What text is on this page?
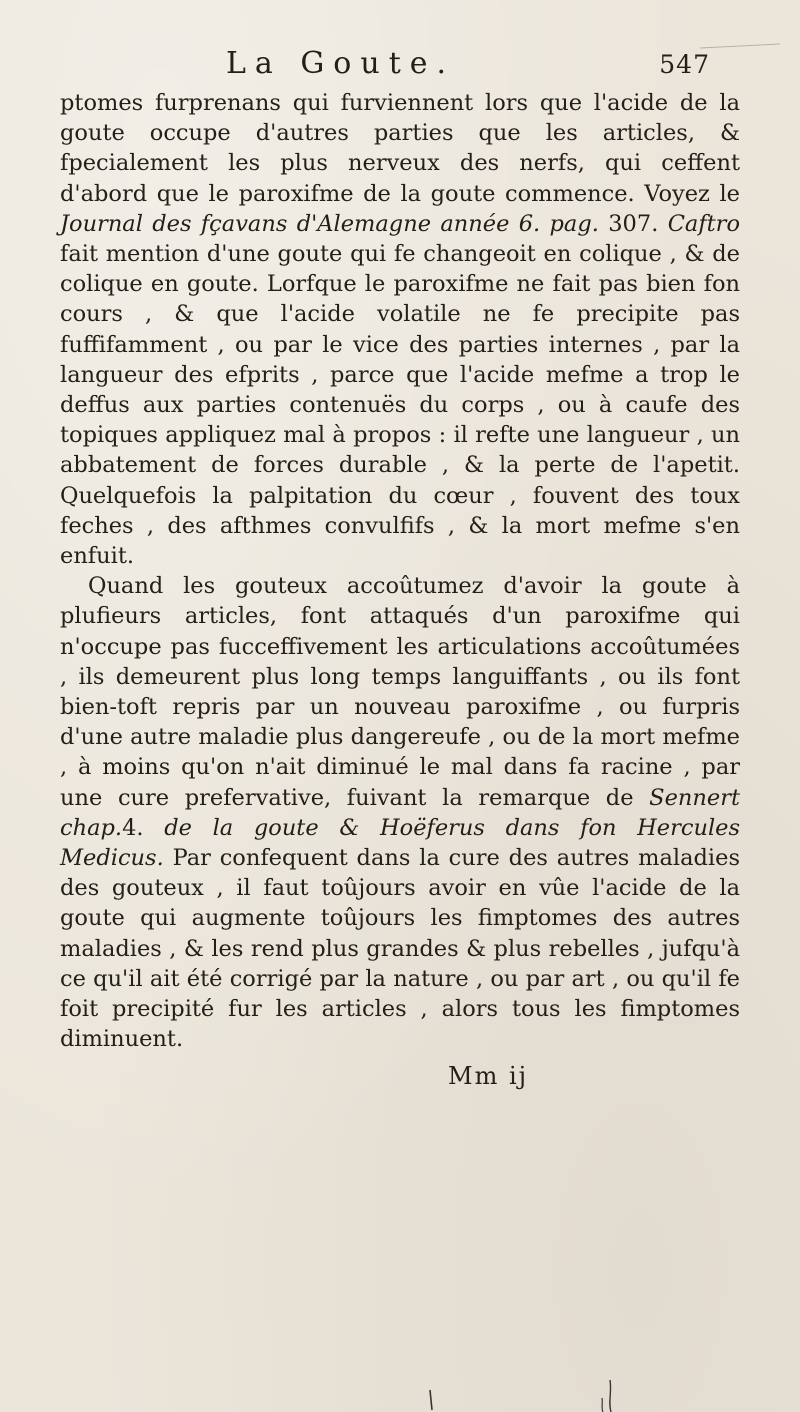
La Goute.	547

ptomes furprenans qui furviennent lors que l'acide de la goute occupe d'autres parties que les articles, & fpecialement les plus nerveux des nerfs, qui ceffent d'abord que le paroxifme de la goute commence. Voyez le Journal des fçavans d'Alemagne année 6. pag. 307. Caftro fait mention d'une goute qui fe changeoit en colique , & de colique en goute. Lorfque le paroxifme ne fait pas bien fon cours , & que l'acide volatile ne fe precipite pas fuffifamment , ou par le vice des parties internes , par la langueur des efprits , parce que l'acide mefme a trop le deffus aux parties contenuës du corps , ou à caufe des topiques appliquez mal à propos : il refte une langueur , un abbatement de forces durable , & la perte de l'apetit. Quelquefois la palpitation du cœur , fouvent des toux feches , des afthmes convulfifs , & la mort mefme s'en enfuit.

Quand les gouteux accoûtumez d'avoir la goute à plufieurs articles, font attaqués d'un paroxifme qui n'occupe pas fucceffivement les articulations accoûtumées , ils demeurent plus long temps languiffants , ou ils font bien-toft repris par un nouveau paroxifme , ou furpris d'une autre maladie plus dangereufe , ou de la mort mefme , à moins qu'on n'ait diminué le mal dans fa racine , par une cure prefervative, fuivant la remarque de Sennert chap.4. de la goute & Hoëferus dans fon Hercules Medicus. Par confequent dans la cure des autres maladies des gouteux , il faut toûjours avoir en vûe l'acide de la goute qui augmente toûjours les fimptomes des autres maladies , & les rend plus grandes & plus rebelles , jufqu'à ce qu'il ait été corrigé par la nature , ou par art , ou qu'il fe foit precipité fur les articles , alors tous les fimptomes diminuent.

Mm ij
